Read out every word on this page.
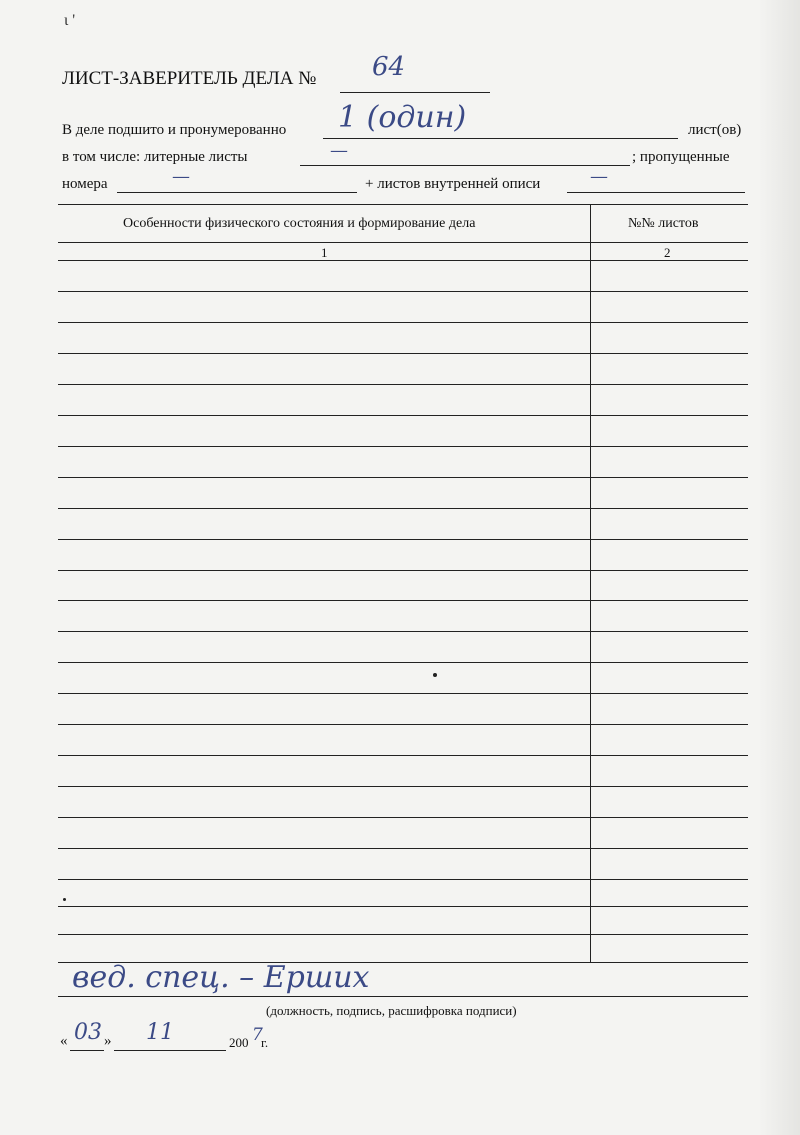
ι '
ЛИСТ-ЗАВЕРИТЕЛЬ ДЕЛА № 64
В деле подшито и пронумерованно 1 (один)	лист(ов)
в том числе: литерные листы	—	; пропущенные
номера	—	+ листов внутренней описи	—
Особенности физического состояния и формирование дела	№№ листов
1	2
вед. спец. – Ерших
(должность, подпись, расшифровка подписи)
« 03 » 11	200 7
г.
